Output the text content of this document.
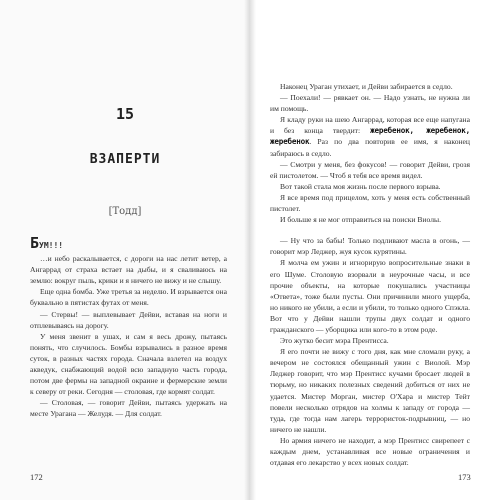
15
ВЗАПЕРТИ
[Тодд]

БУМ!!!

…и небо раскалывается, с дороги на нас летит ветер, а Ангаррад от страха встает на дыбы, и я сваливаюсь на землю: вокруг пыль, крики и я ничего не вижу и не слышу.

Еще одна бомба. Уже третья за неделю. И взрывается она буквально в пятистах футах от меня.

— Стервы! — выплевывает Дейви, вставая на ноги и отплевываясь на дорогу.

У меня звенит в ушах, и сам я весь дрожу, пытаясь понять, что случилось. Бомбы взрывались в разное время суток, в разных частях города. Сначала взлетел на воздух акведук, снабжающий водой всю западную часть города, потом две фермы на западной окраине и фермерские земли к северу от реки. Сегодня — столовая, где кормят солдат.

— Столовая, — говорит Дейви, пытаясь удержать на месте Урагана — Желудя. — Для солдат.

172

Наконец Ураган утихает, и Дейви забирается в седло.

— Поехали! — рявкает он. — Надо узнать, не нужна ли им помощь.

Я кладу руки на шею Ангаррад, которая все еще напугана и без конца твердит: жеребенок, жеребенок, жеребенок. Раз по два повторив ее имя, я наконец забираюсь в седло.

— Смотри у меня, без фокусов! — говорит Дейви, грозя ей пистолетом. — Чтоб я тебя все время видел.

Вот такой стала моя жизнь после первого взрыва.

Я все время под прицелом, хоть у меня есть собственный пистолет.

И больше я не мог отправиться на поиски Виолы.

— Ну что за бабы! Только подливают масла в огонь, — говорит мэр Леджер, жуя кусок курятины.

Я молча ем ужин и игнорирую вопросительные знаки в его Шуме. Столовую взорвали в неурочные часы, и все прочие объекты, на которые покушались участницы «Ответа», тоже были пусты. Они причинили много ущерба, но никого не убили, а если и убили, то только одного Спэкла. Вот что у Дейви нашли трупы двух солдат и одного гражданского — уборщика или кого-то в этом роде.

Это жутко бесит мэра Прентисса.

Я его почти не вижу с того дня, как мне сломали руку, а вечером не состоялся обещанный ужин с Виолой. Мэр Леджер говорит, что мэр Прентисс кучами бросает людей в тюрьму, но никаких полезных сведений добиться от них не удается. Мистер Морган, мистер О'Хара и мистер Тейт повели несколько отрядов на холмы к западу от города — туда, где тогда нам лагерь террористок-подрывниц, — но ничего не нашли.

Но армия ничего не находит, а мэр Прентисс свирепеет с каждым днем, устанавливая все новые ограничения и отдавая его лекарство у всех новых солдат.

173
